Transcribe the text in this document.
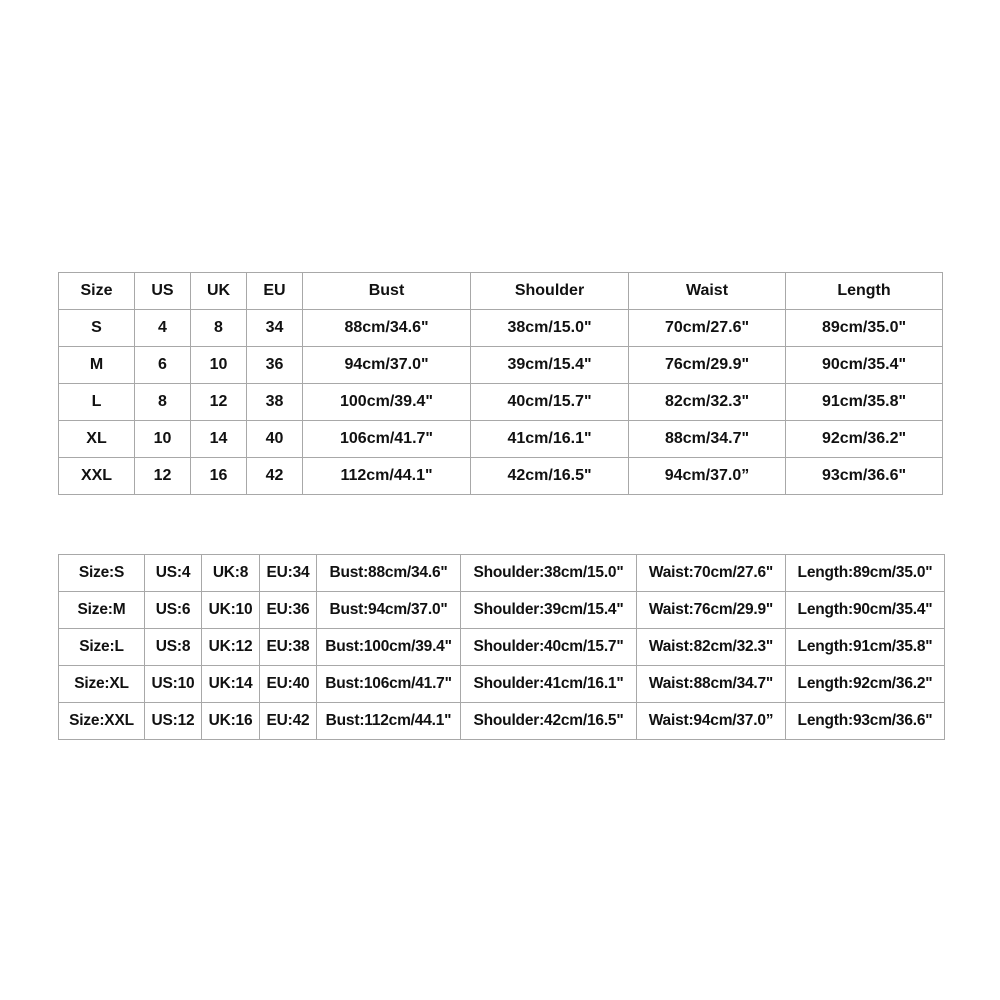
Size	US	UK	EU	Bust	Shoulder	Waist	Length
S	4	8	34	88cm/34.6"	38cm/15.0"	70cm/27.6"	89cm/35.0"
M	6	10	36	94cm/37.0"	39cm/15.4"	76cm/29.9"	90cm/35.4"
L	8	12	38	100cm/39.4"	40cm/15.7"	82cm/32.3"	91cm/35.8"
XL	10	14	40	106cm/41.7"	41cm/16.1"	88cm/34.7"	92cm/36.2"
XXL	12	16	42	112cm/44.1"	42cm/16.5"	94cm/37.0”	93cm/36.6"
Size:S	US:4	UK:8	EU:34	Bust:88cm/34.6"	Shoulder:38cm/15.0"	Waist:70cm/27.6"	Length:89cm/35.0"
Size:M	US:6	UK:10	EU:36	Bust:94cm/37.0"	Shoulder:39cm/15.4"	Waist:76cm/29.9"	Length:90cm/35.4"
Size:L	US:8	UK:12	EU:38	Bust:100cm/39.4"	Shoulder:40cm/15.7"	Waist:82cm/32.3"	Length:91cm/35.8"
Size:XL	US:10	UK:14	EU:40	Bust:106cm/41.7"	Shoulder:41cm/16.1"	Waist:88cm/34.7"	Length:92cm/36.2"
Size:XXL	US:12	UK:16	EU:42	Bust:112cm/44.1"	Shoulder:42cm/16.5"	Waist:94cm/37.0”	Length:93cm/36.6"
